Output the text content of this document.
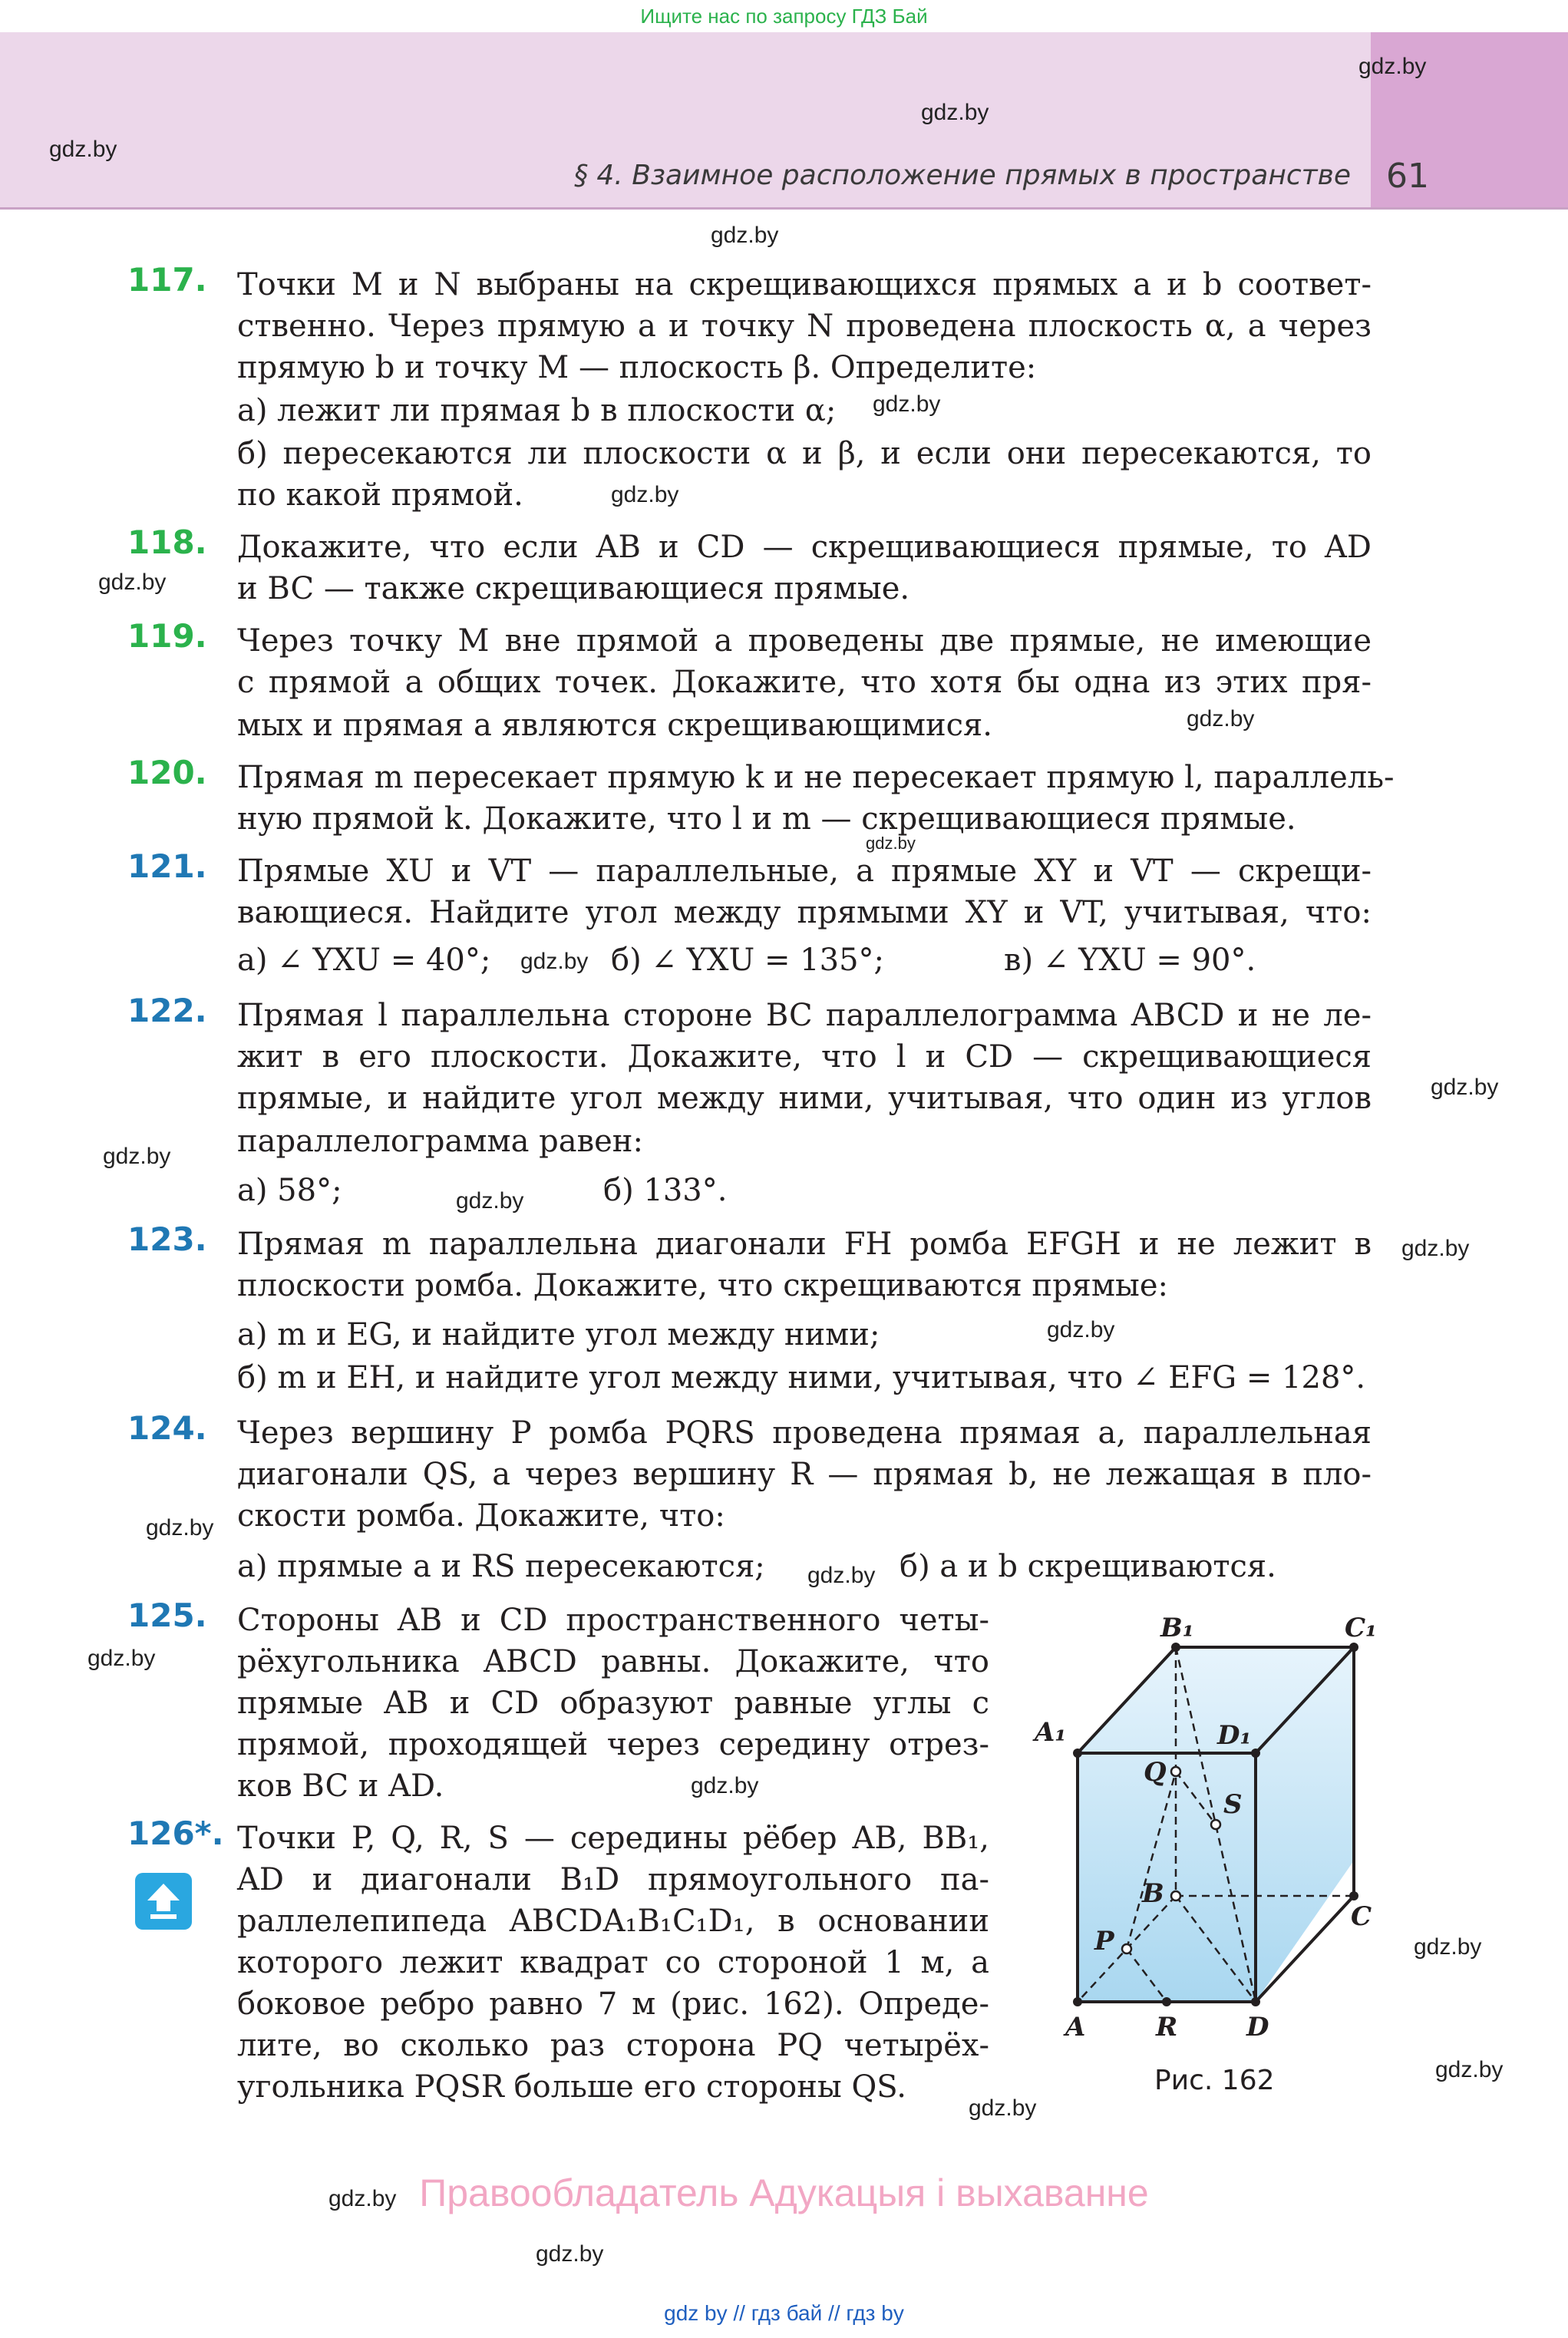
Ищите нас по запросу ГДЗ Бай
§ 4. Взаимное расположение прямых в пространстве 61
gdz.by
gdz.by
gdz.by
gdz.by
gdz.by
gdz.by
gdz.by
gdz.by
gdz.by
gdz.by
gdz.by
gdz.by
gdz.by
gdz.by
gdz.by
gdz.by
gdz.by
gdz.by
gdz.by
gdz.by
gdz.by
gdz.by
gdz.by
gdz.by
117. Точки M и N выбраны на скрещивающихся прямых a и b соответ-
ственно. Через прямую a и точку N проведена плоскость α, а через
прямую b и точку M — плоскость β. Определите:
а) лежит ли прямая b в плоскости α;
б) пересекаются ли плоскости α и β, и если они пересекаются, то
по какой прямой.
118. Докажите, что если AB и CD — скрещивающиеся прямые, то AD
и BC — также скрещивающиеся прямые.
119. Через точку M вне прямой a проведены две прямые, не имеющие
с прямой a общих точек. Докажите, что хотя бы одна из этих пря-
мых и прямая a являются скрещивающимися.
120. Прямая m пересекает прямую k и не пересекает прямую l, параллель-
ную прямой k. Докажите, что l и m — скрещивающиеся прямые.
121. Прямые XU и VT — параллельные, а прямые XY и VT — скрещи-
вающиеся. Найдите угол между прямыми XY и VT, учитывая, что:
а) ∠ YXU = 40°;	б) ∠ YXU = 135°;	в) ∠ YXU = 90°.
122. Прямая l параллельна стороне BC параллелограмма ABCD и не ле-
жит в его плоскости. Докажите, что l и CD — скрещивающиеся
прямые, и найдите угол между ними, учитывая, что один из углов
параллелограмма равен:
а) 58°;	б) 133°.
123. Прямая m параллельна диагонали FH ромба EFGH и не лежит в
плоскости ромба. Докажите, что скрещиваются прямые:
а) m и EG, и найдите угол между ними;
б) m и EH, и найдите угол между ними, учитывая, что ∠ EFG = 128°.
124. Через вершину P ромба PQRS проведена прямая a, параллельная
диагонали QS, а через вершину R — прямая b, не лежащая в пло-
скости ромба. Докажите, что:
а) прямые a и RS пересекаются;	б) a и b скрещиваются.
125. Стороны AB и CD пространственного четы-
рёхугольника ABCD равны. Докажите, что
прямые AB и CD образуют равные углы с
прямой, проходящей через середину отрез-
ков BC и AD.
126*. Точки P, Q, R, S — середины рёбер AB, BB₁,
AD и диагонали B₁D прямоугольного па-
раллелепипеда ABCDA₁B₁C₁D₁, в основании
которого лежит квадрат со стороной 1 м, а
боковое ребро равно 7 м (рис. 162). Опреде-
лите, во сколько раз сторона PQ четырёх-
угольника PQSR больше его стороны QS.
B₁	C₁
A₁	D₁
Q
S
B
C
P
A	R	D
Рис. 162
Правообладатель Адукацыя і выхаванне
gdz by // гдз бай // гдз by
